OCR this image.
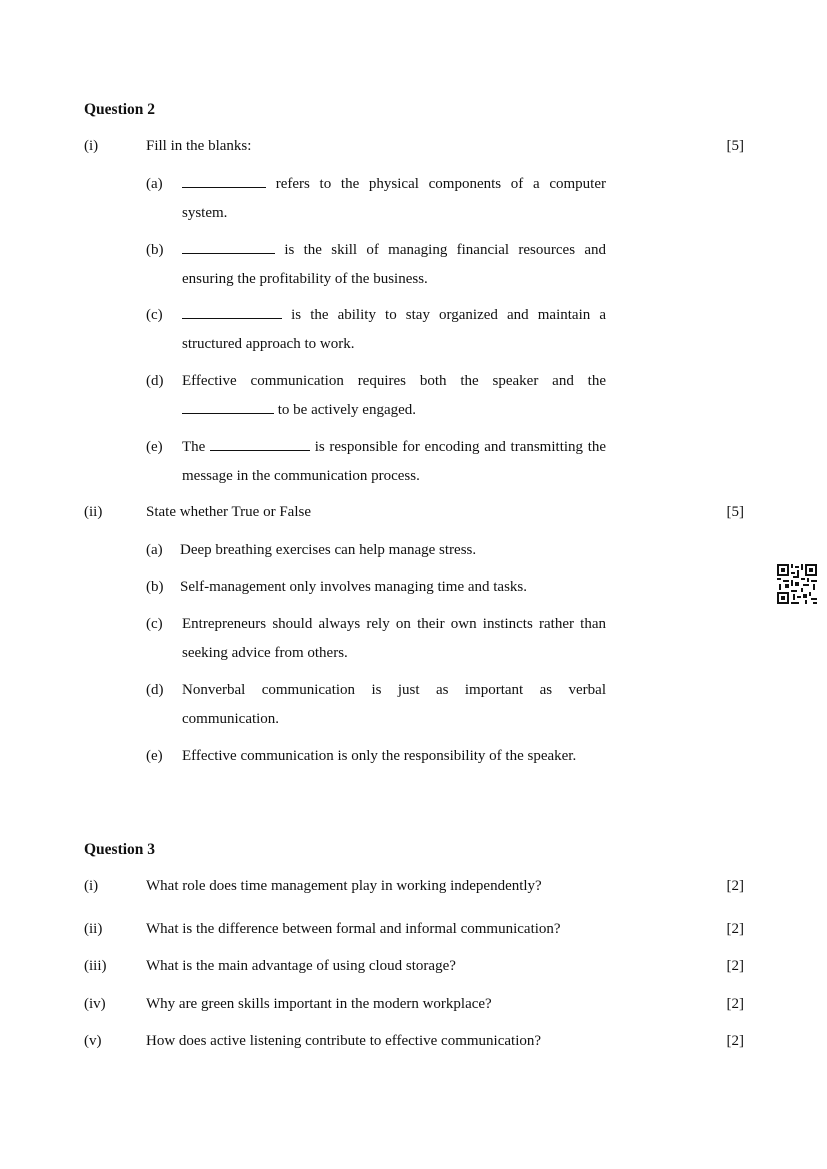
Question 2
(i)	Fill in the blanks:	[5]
(a)	refers to the physical components of a computer system.
(b)	is the skill of managing financial resources and ensuring the profitability of the business.
(c)	is the ability to stay organized and maintain a structured approach to work.
(d) Effective communication requires both the speaker and the  to be actively engaged.
(e) The	is responsible for encoding and transmitting the message in the communication process.
(ii)	State whether True or False	[5]
(a) Deep breathing exercises can help manage stress.
(b) Self-management only involves managing time and tasks.
(c) Entrepreneurs should always rely on their own instincts rather than seeking advice from others.
(d) Nonverbal communication is just as important as verbal communication.
(e) Effective communication is only the responsibility of the speaker.
Question 3
(i)	What role does time management play in working independently?	[2]
(ii)	What is the difference between formal and informal communication?	[2]
(iii)	What is the main advantage of using cloud storage?	[2]
(iv)	Why are green skills important in the modern workplace?	[2]
(v)	How does active listening contribute to effective communication?	[2]
